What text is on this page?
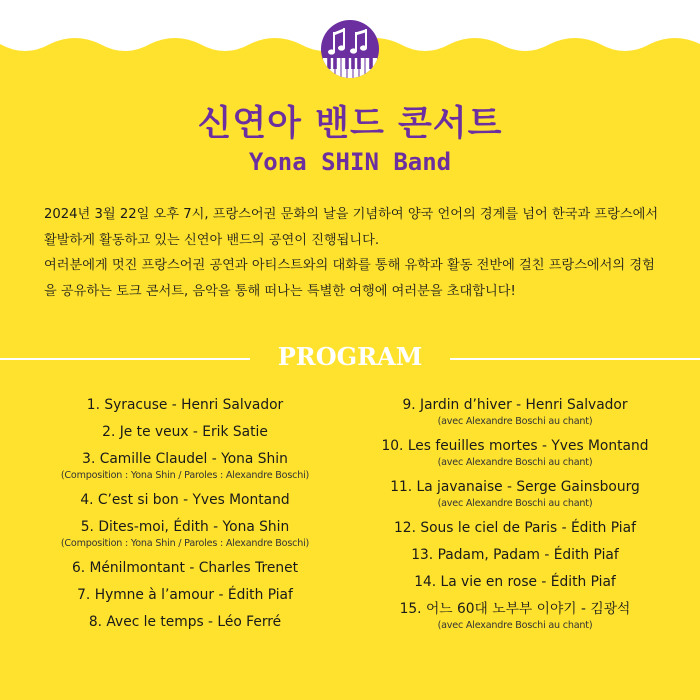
신연아 밴드 콘서트
Yona SHIN Band

2024년 3월 22일 오후 7시, 프랑스어권 문화의 날을 기념하여 양국 언어의 경계를 넘어 한국과 프랑스에서 활발하게 활동하고 있는 신연아 밴드의 공연이 진행됩니다.

여러분에게 멋진 프랑스어권 공연과 아티스트와의 대화를 통해 유학과 활동 전반에 걸친 프랑스에서의 경험을 공유하는 토크 콘서트, 음악을 통해 떠나는 특별한 여행에 여러분을 초대합니다!

PROGRAM
1. Syracuse - Henri Salvador
2. Je te veux - Erik Satie
3. Camille Claudel - Yona Shin
(Composition : Yona Shin / Paroles : Alexandre Boschi)
4. C’est si bon - Yves Montand
5. Dites-moi, Édith - Yona Shin
(Composition : Yona Shin / Paroles : Alexandre Boschi)
6. Ménilmontant - Charles Trenet
7. Hymne à l’amour - Édith Piaf
8. Avec le temps - Léo Ferré
9. Jardin d’hiver - Henri Salvador
(avec Alexandre Boschi au chant)
10. Les feuilles mortes - Yves Montand
(avec Alexandre Boschi au chant)
11. La javanaise - Serge Gainsbourg
(avec Alexandre Boschi au chant)
12. Sous le ciel de Paris - Édith Piaf
13. Padam, Padam - Édith Piaf
14. La vie en rose - Édith Piaf
15. 어느 60대 노부부 이야기 - 김광석
(avec Alexandre Boschi au chant)
